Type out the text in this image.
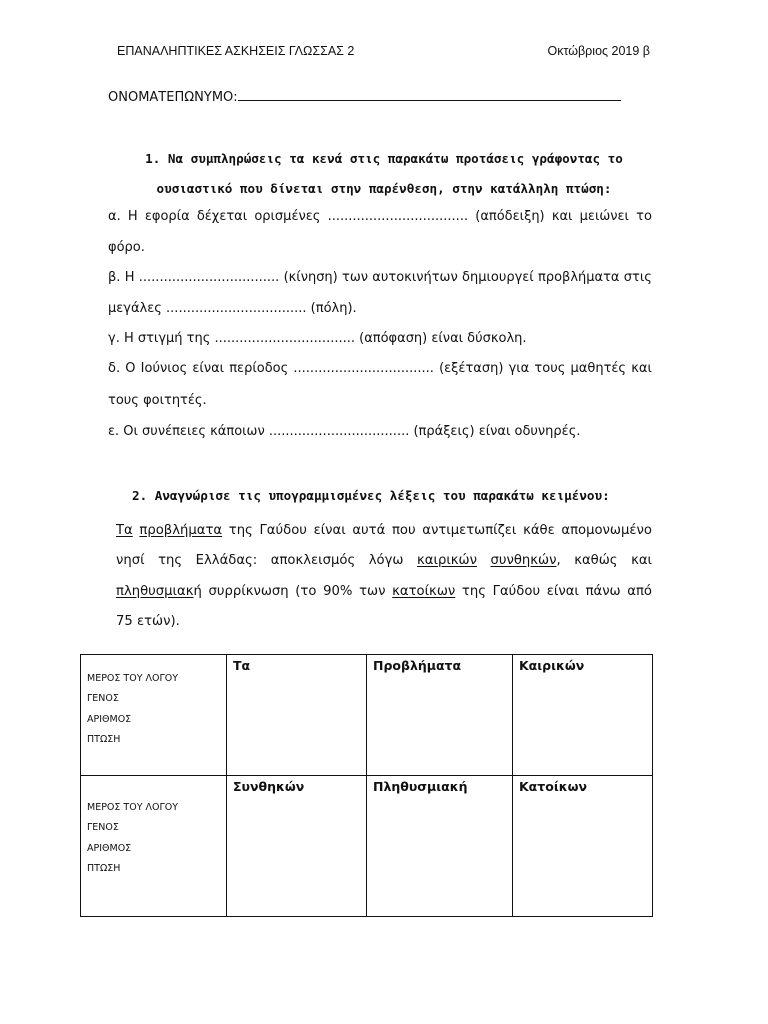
ΕΠΑΝΑΛΗΠΤΙΚΕΣ ΑΣΚΗΣΕΙΣ ΓΛΩΣΣΑΣ 2	Οκτώβριος 2019 β
ΟΝΟΜΑΤΕΠΩΝΥΜΟ:
1. Να συμπληρώσεις τα κενά στις παρακάτω προτάσεις γράφοντας το
ουσιαστικό που δίνεται στην παρένθεση, στην κατάλληλη πτώση:
α. Η εφορία δέχεται ορισμένες .................................. (απόδειξη) και μειώνει το
φόρο.
β. Η .................................. (κίνηση) των αυτοκινήτων δημιουργεί προβλήματα στις
μεγάλες .................................. (πόλη).
γ. Η στιγμή της .................................. (απόφαση) είναι δύσκολη.
δ. Ο Ιούνιος είναι περίοδος .................................. (εξέταση) για τους μαθητές και
τους φοιτητές.
ε. Οι συνέπειες κάποιων .................................. (πράξεις) είναι οδυνηρές.
2. Αναγνώρισε τις υπογραμμισμένες λέξεις του παρακάτω κειμένου:
Τα προβλήματα της Γαύδου είναι αυτά που αντιμετωπίζει κάθε απομονωμένο
νησί της Ελλάδας: αποκλεισμός λόγω καιρικών συνθηκών, καθώς και
πληθυσμιακή συρρίκνωση (το 90% των κατοίκων της Γαύδου είναι πάνω από
75 ετών).
ΜΕΡΟΣ ΤΟΥ ΛΟΓΟΥ
ΓΕΝΟΣ
ΑΡΙΘΜΟΣ
ΠΤΩΣΗ	Τα	Προβλήματα	Καιρικών

ΜΕΡΟΣ ΤΟΥ ΛΟΓΟΥ
ΓΕΝΟΣ
ΑΡΙΘΜΟΣ
ΠΤΩΣΗ	Συνθηκών	Πληθυσμιακή	Κατοίκων
